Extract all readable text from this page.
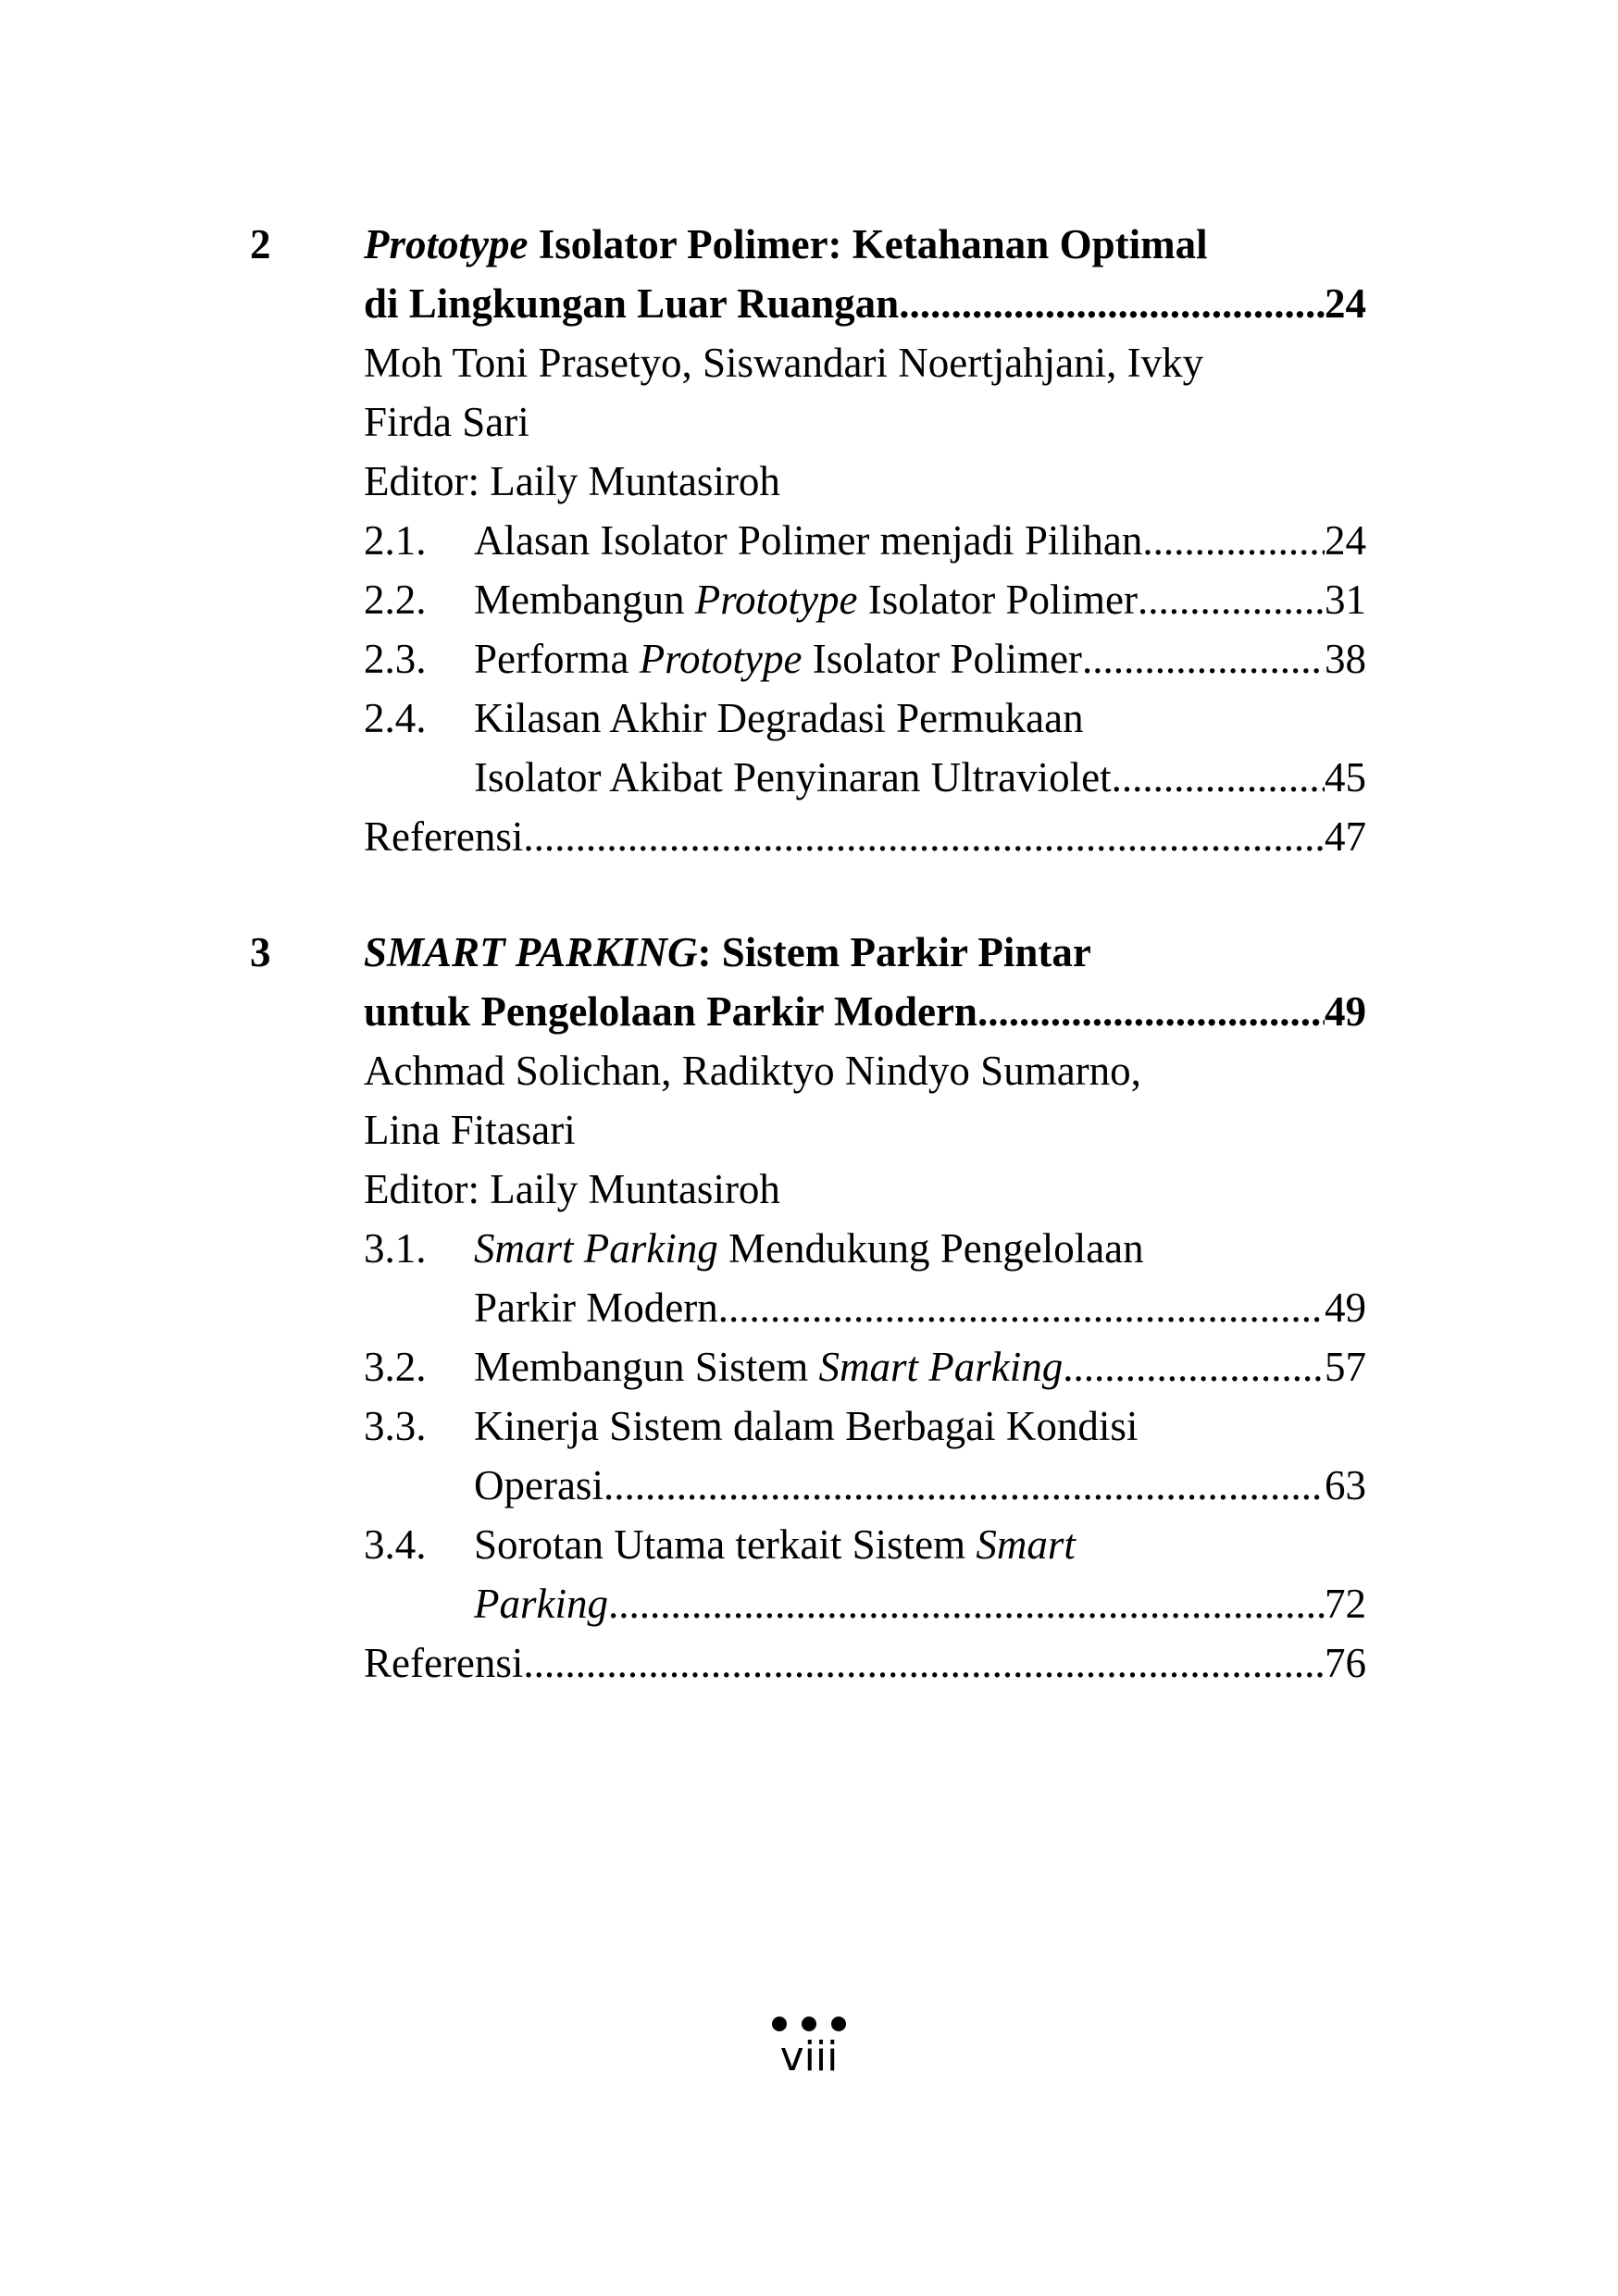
2	Prototype Isolator Polimer: Ketahanan Optimal
di Lingkungan Luar Ruangan .....	24
Moh Toni Prasetyo, Siswandari Noertjahjani, Ivky
Firda Sari
Editor: Laily Muntasiroh
2.1. Alasan Isolator Polimer menjadi Pilihan .....	24
2.2. Membangun Prototype Isolator Polimer .....	31
2.3. Performa Prototype Isolator Polimer .....	38
2.4. Kilasan Akhir Degradasi Permukaan
Isolator Akibat Penyinaran Ultraviolet .....	45
Referensi .....	47
3	SMART PARKING: Sistem Parkir Pintar
untuk Pengelolaan Parkir Modern .....	49
Achmad Solichan, Radiktyo Nindyo Sumarno,
Lina Fitasari
Editor: Laily Muntasiroh
3.1. Smart Parking Mendukung Pengelolaan
Parkir Modern .....	49
3.2. Membangun Sistem Smart Parking .....	57
3.3. Kinerja Sistem dalam Berbagai Kondisi
Operasi .....	63
3.4. Sorotan Utama terkait Sistem Smart
Parking .....	72
Referensi .....	76
viii
